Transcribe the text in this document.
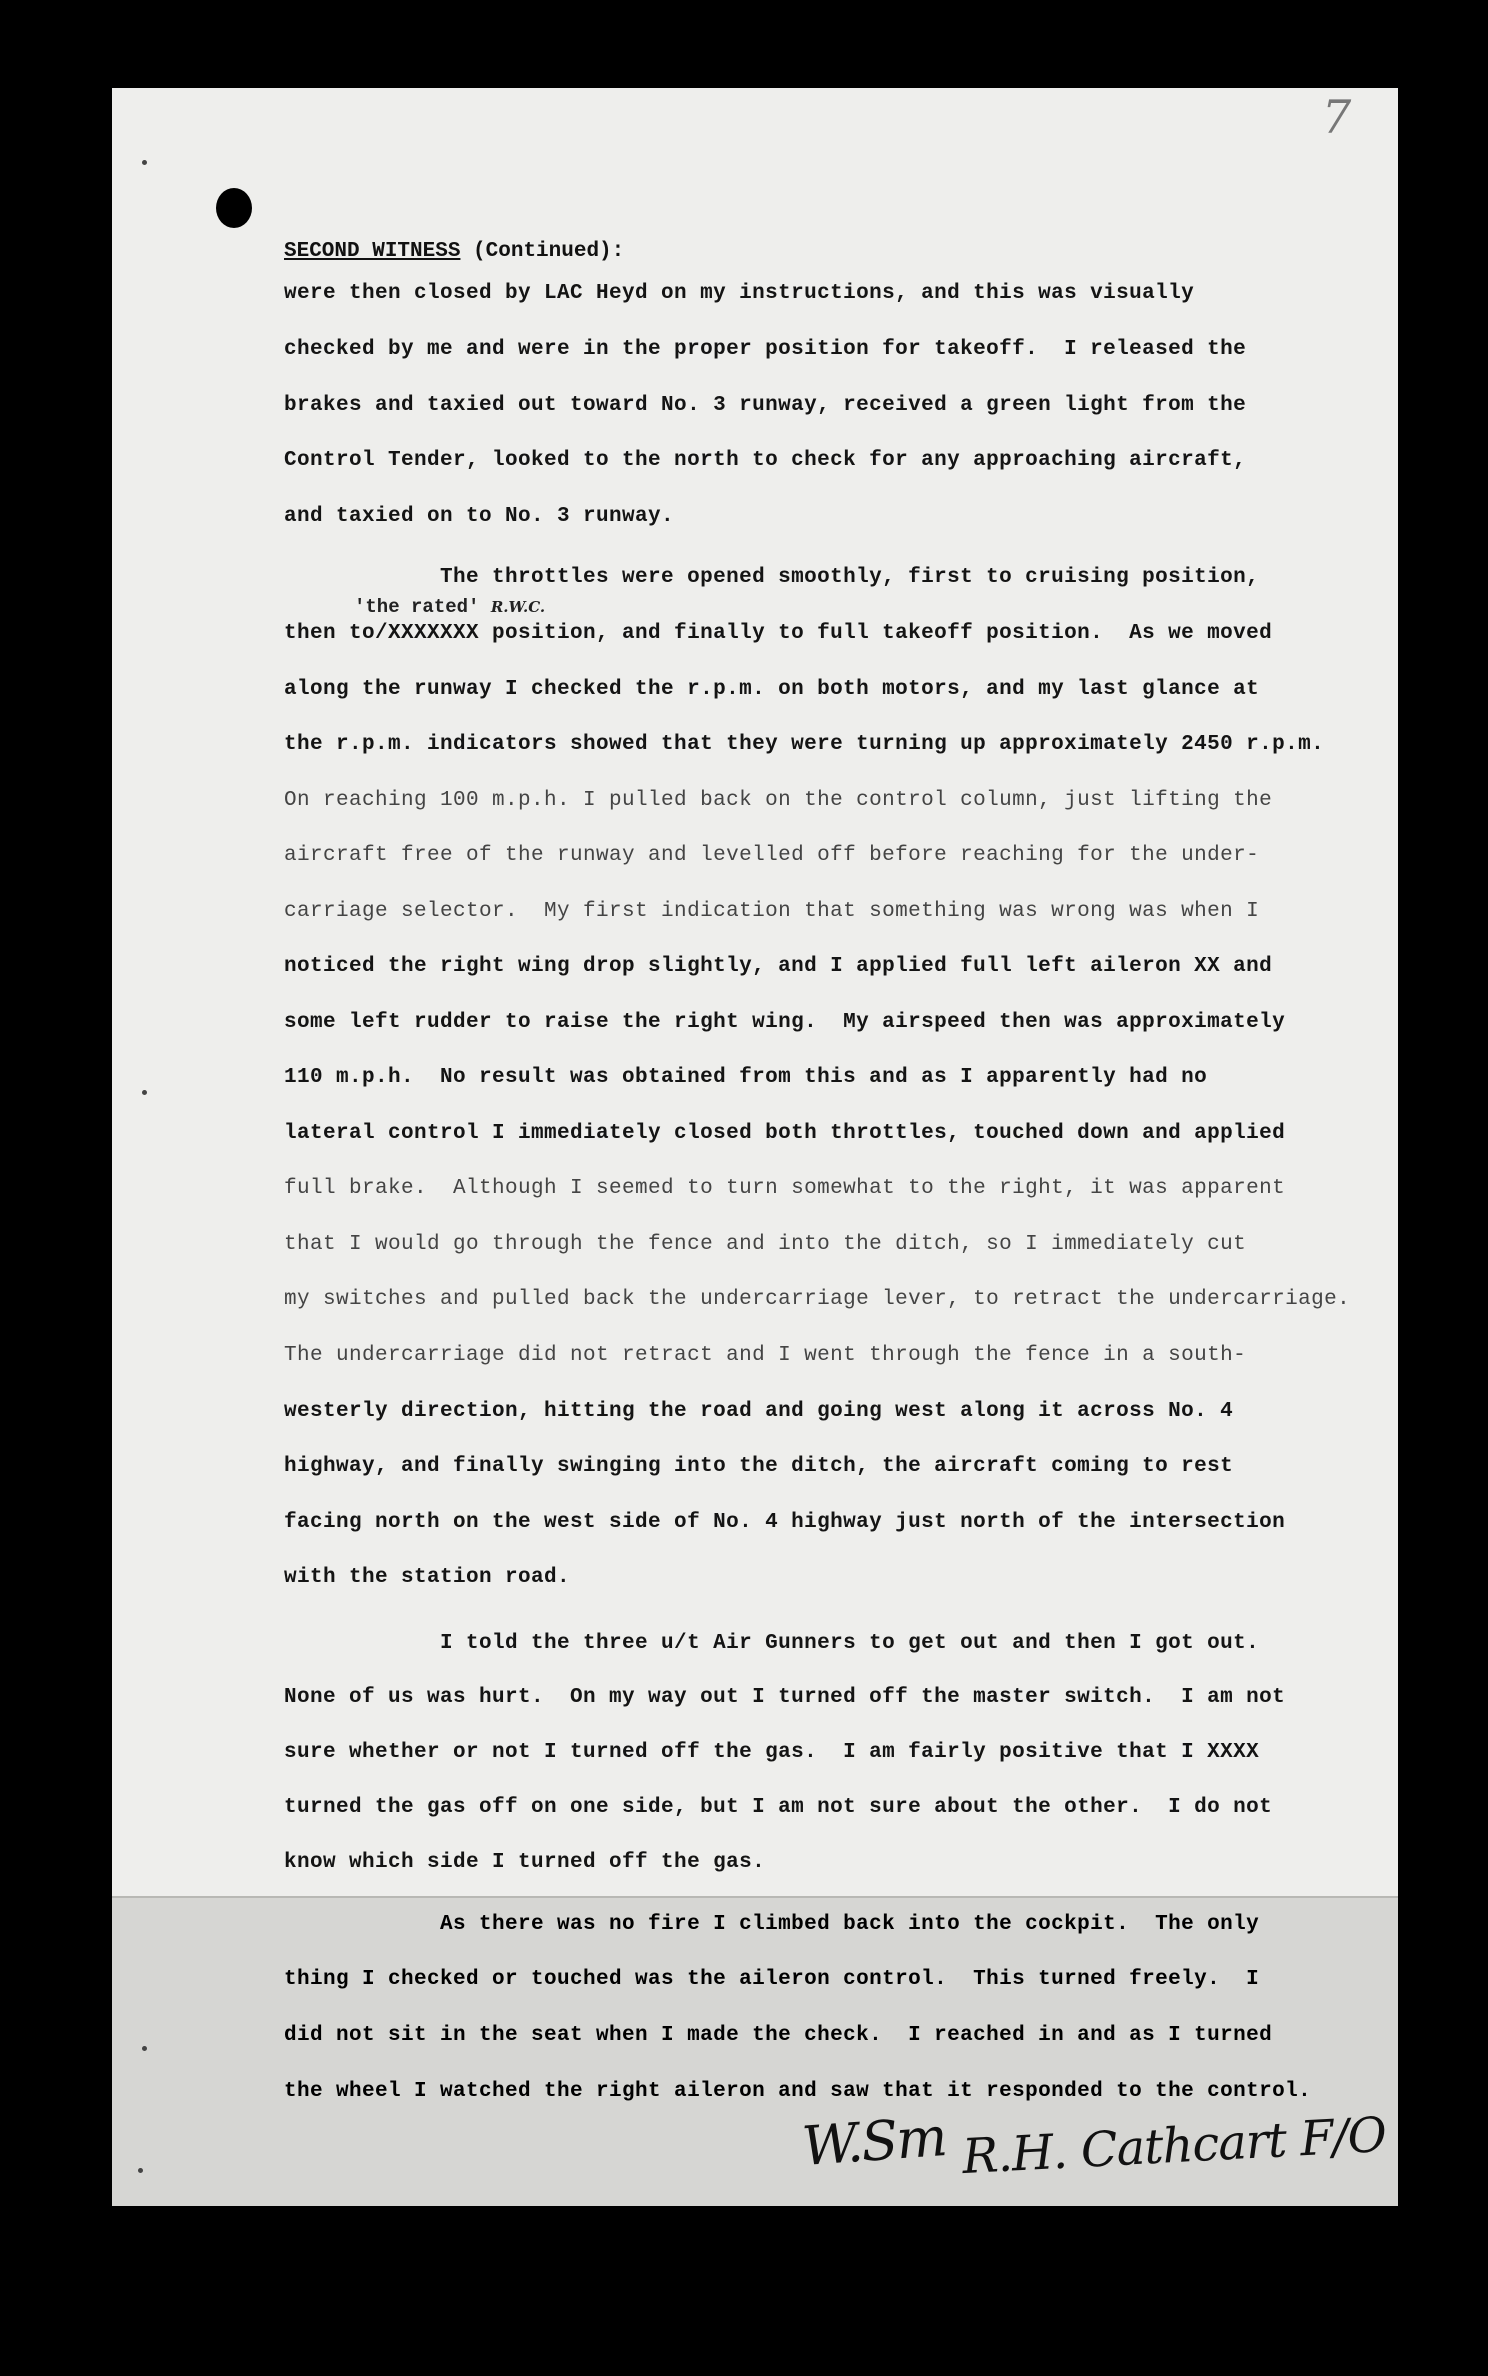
7
SECOND WITNESS (Continued):
'the rated' R.W.C.
were then closed by LAC Heyd on my instructions, and this was visually
checked by me and were in the proper position for takeoff.  I released the
brakes and taxied out toward No. 3 runway, received a green light from the
Control Tender, looked to the north to check for any approaching aircraft,
and taxied on to No. 3 runway.
The throttles were opened smoothly, first to cruising position,
then to/XXXXXXX position, and finally to full takeoff position.  As we moved
along the runway I checked the r.p.m. on both motors, and my last glance at
the r.p.m. indicators showed that they were turning up approximately 2450 r.p.m.
On reaching 100 m.p.h. I pulled back on the control column, just lifting the
aircraft free of the runway and levelled off before reaching for the under-
carriage selector.  My first indication that something was wrong was when I
noticed the right wing drop slightly, and I applied full left aileron XX and
some left rudder to raise the right wing.  My airspeed then was approximately
110 m.p.h.  No result was obtained from this and as I apparently had no
lateral control I immediately closed both throttles, touched down and applied
full brake.  Although I seemed to turn somewhat to the right, it was apparent
that I would go through the fence and into the ditch, so I immediately cut
my switches and pulled back the undercarriage lever, to retract the undercarriage.
The undercarriage did not retract and I went through the fence in a south-
westerly direction, hitting the road and going west along it across No. 4
highway, and finally swinging into the ditch, the aircraft coming to rest
facing north on the west side of No. 4 highway just north of the intersection
with the station road.
I told the three u/t Air Gunners to get out and then I got out.
None of us was hurt.  On my way out I turned off the master switch.  I am not
sure whether or not I turned off the gas.  I am fairly positive that I XXXX
turned the gas off on one side, but I am not sure about the other.  I do not
know which side I turned off the gas.
As there was no fire I climbed back into the cockpit.  The only
thing I checked or touched was the aileron control.  This turned freely.  I
did not sit in the seat when I made the check.  I reached in and as I turned
the wheel I watched the right aileron and saw that it responded to the control.
W.Sm R.H. Cathcart F/O
